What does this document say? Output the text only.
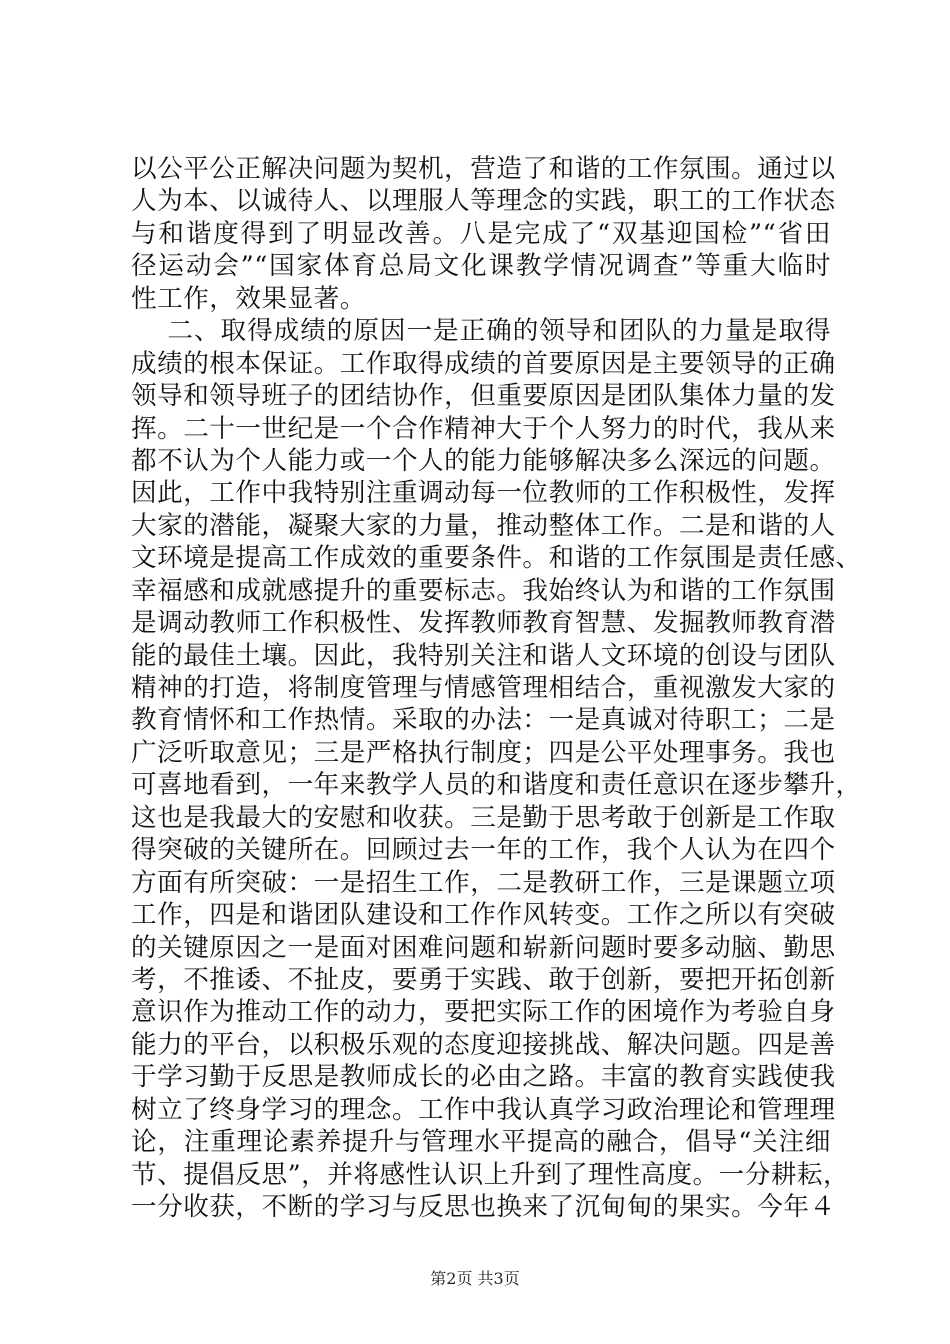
以公平公正解决问题为契机，营造了和谐的工作氛围。通过以
人为本、以诚待人、以理服人等理念的实践，职工的工作状态
与和谐度得到了明显改善。八是完成了“双基迎国检”“省田
径运动会”“国家体育总局文化课教学情况调查”等重大临时
性工作，效果显著。
二、取得成绩的原因一是正确的领导和团队的力量是取得
成绩的根本保证。工作取得成绩的首要原因是主要领导的正确
领导和领导班子的团结协作，但重要原因是团队集体力量的发
挥。二十一世纪是一个合作精神大于个人努力的时代，我从来
都不认为个人能力或一个人的能力能够解决多么深远的问题。
因此，工作中我特别注重调动每一位教师的工作积极性，发挥
大家的潜能，凝聚大家的力量，推动整体工作。二是和谐的人
文环境是提高工作成效的重要条件。和谐的工作氛围是责任感、
幸福感和成就感提升的重要标志。我始终认为和谐的工作氛围
是调动教师工作积极性、发挥教师教育智慧、发掘教师教育潜
能的最佳土壤。因此，我特别关注和谐人文环境的创设与团队
精神的打造，将制度管理与情感管理相结合，重视激发大家的
教育情怀和工作热情。采取的办法：一是真诚对待职工；二是
广泛听取意见；三是严格执行制度；四是公平处理事务。我也
可喜地看到，一年来教学人员的和谐度和责任意识在逐步攀升，
这也是我最大的安慰和收获。三是勤于思考敢于创新是工作取
得突破的关键所在。回顾过去一年的工作，我个人认为在四个
方面有所突破：一是招生工作，二是教研工作，三是课题立项
工作，四是和谐团队建设和工作作风转变。工作之所以有突破
的关键原因之一是面对困难问题和崭新问题时要多动脑、勤思
考，不推诿、不扯皮，要勇于实践、敢于创新，要把开拓创新
意识作为推动工作的动力，要把实际工作的困境作为考验自身
能力的平台，以积极乐观的态度迎接挑战、解决问题。四是善
于学习勤于反思是教师成长的必由之路。丰富的教育实践使我
树立了终身学习的理念。工作中我认真学习政治理论和管理理
论，注重理论素养提升与管理水平提高的融合，倡导“关注细
节、提倡反思”，并将感性认识上升到了理性高度。一分耕耘，
一分收获，不断的学习与反思也换来了沉甸甸的果实。今年４
第2页 共3页
